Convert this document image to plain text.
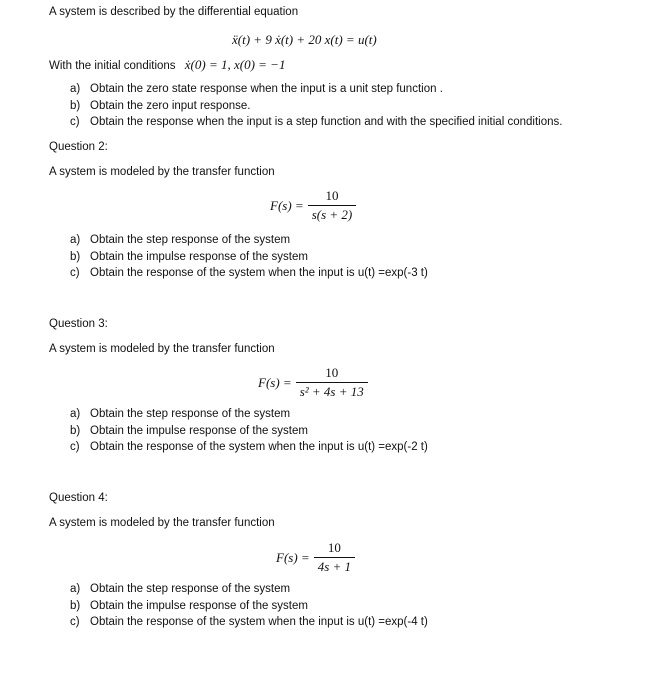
A system is described by the differential equation
ẍ(t) + 9 ẋ(t) + 20 x(t) = u(t)
With the initial conditions ẋ(0) = 1, x(0) = −1
a) Obtain the zero state response when the input is a unit step function .
b) Obtain the zero input response.
c) Obtain the response when the input is a step function and with the specified initial conditions.
Question 2:
A system is modeled by the transfer function
$F(s) = \frac{10}{s(s + 2)}$
a) Obtain the step response of the system
b) Obtain the impulse response of the system
c) Obtain the response of the system when the input is u(t) =exp(-3 t)
Question 3:
A system is modeled by the transfer function
$F(s) = \frac{10}{\text{s² + 4s + 13}}$
a) Obtain the step response of the system
b) Obtain the impulse response of the system
c) Obtain the response of the system when the input is u(t) =exp(-2 t)
Question 4:
A system is modeled by the transfer function
$F(s) = \frac{10}{4s + 1}$
a) Obtain the step response of the system
b) Obtain the impulse response of the system
c) Obtain the response of the system when the input is u(t) =exp(-4 t)
